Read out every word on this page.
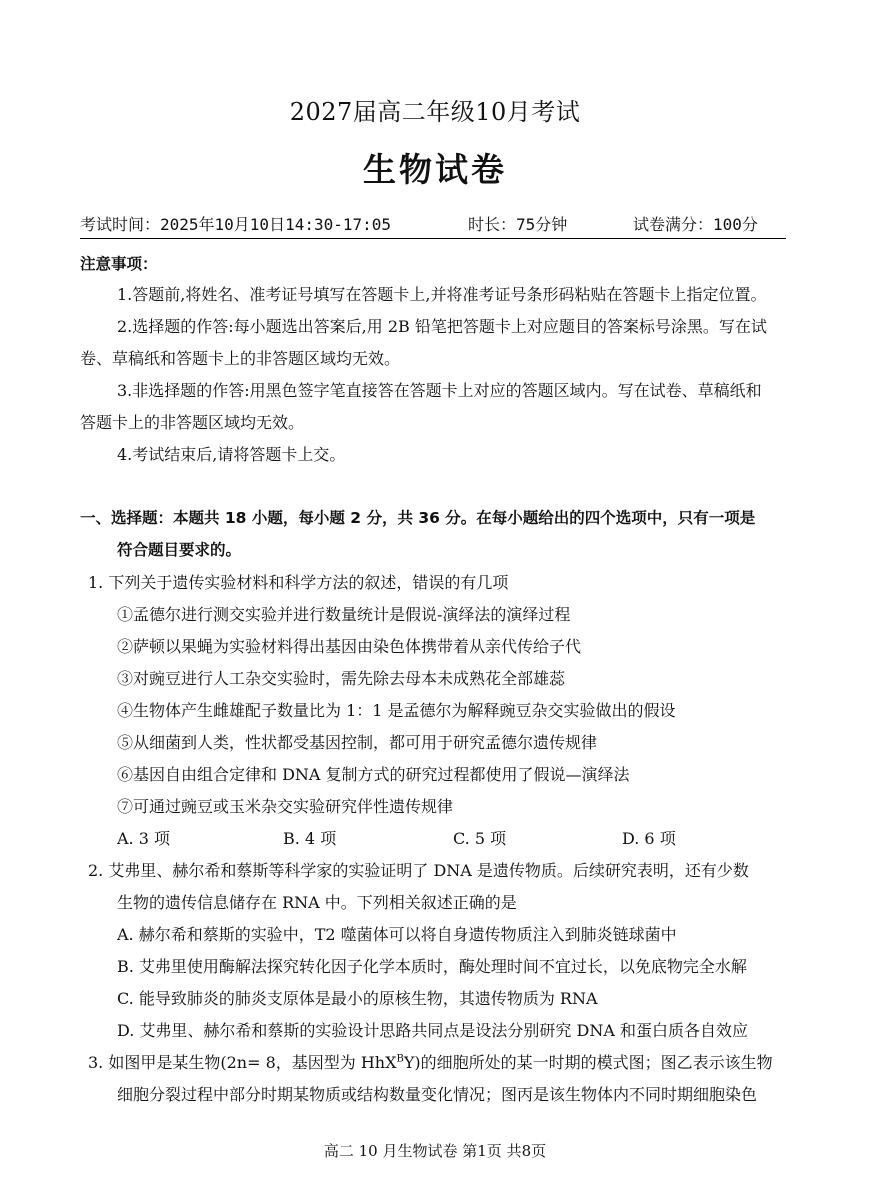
2027届高二年级10月考试
生物试卷
考试时间：2025年10月10日14:30-17:05	时长：75分钟	试卷满分：100分
注意事项：
1.答题前,将姓名、准考证号填写在答题卡上,并将准考证号条形码粘贴在答题卡上指定位置。
2.选择题的作答:每小题选出答案后,用 2B 铅笔把答题卡上对应题目的答案标号涂黑。写在试
卷、草稿纸和答题卡上的非答题区域均无效。
3.非选择题的作答:用黑色签字笔直接答在答题卡上对应的答题区域内。写在试卷、草稿纸和
答题卡上的非答题区域均无效。
4.考试结束后,请将答题卡上交。
一、选择题：本题共 18 小题，每小题 2 分，共 36 分。在每小题给出的四个选项中，只有一项是
符合题目要求的。
1. 下列关于遗传实验材料和科学方法的叙述，错误的有几项
①孟德尔进行测交实验并进行数量统计是假说-演绎法的演绎过程
②萨顿以果蝇为实验材料得出基因由染色体携带着从亲代传给子代
③对豌豆进行人工杂交实验时，需先除去母本未成熟花全部雄蕊
④生物体产生雌雄配子数量比为 1：1 是孟德尔为解释豌豆杂交实验做出的假设
⑤从细菌到人类，性状都受基因控制，都可用于研究孟德尔遗传规律
⑥基因自由组合定律和 DNA 复制方式的研究过程都使用了假说—演绎法
⑦可通过豌豆或玉米杂交实验研究伴性遗传规律
A. 3 项	B. 4 项	C. 5 项	D. 6 项
2. 艾弗里、赫尔希和蔡斯等科学家的实验证明了 DNA 是遗传物质。后续研究表明，还有少数
生物的遗传信息储存在 RNA 中。下列相关叙述正确的是
A. 赫尔希和蔡斯的实验中，T2 噬菌体可以将自身遗传物质注入到肺炎链球菌中
B. 艾弗里使用酶解法探究转化因子化学本质时，酶处理时间不宜过长，以免底物完全水解
C. 能导致肺炎的肺炎支原体是最小的原核生物，其遗传物质为 RNA
D. 艾弗里、赫尔希和蔡斯的实验设计思路共同点是设法分别研究 DNA 和蛋白质各自效应
3. 如图甲是某生物(2n= 8，基因型为 HhX$^B$Y)的细胞所处的某一时期的模式图；图乙表示该生物
细胞分裂过程中部分时期某物质或结构数量变化情况；图丙是该生物体内不同时期细胞染色
高二 10 月生物试卷 第1页 共8页
